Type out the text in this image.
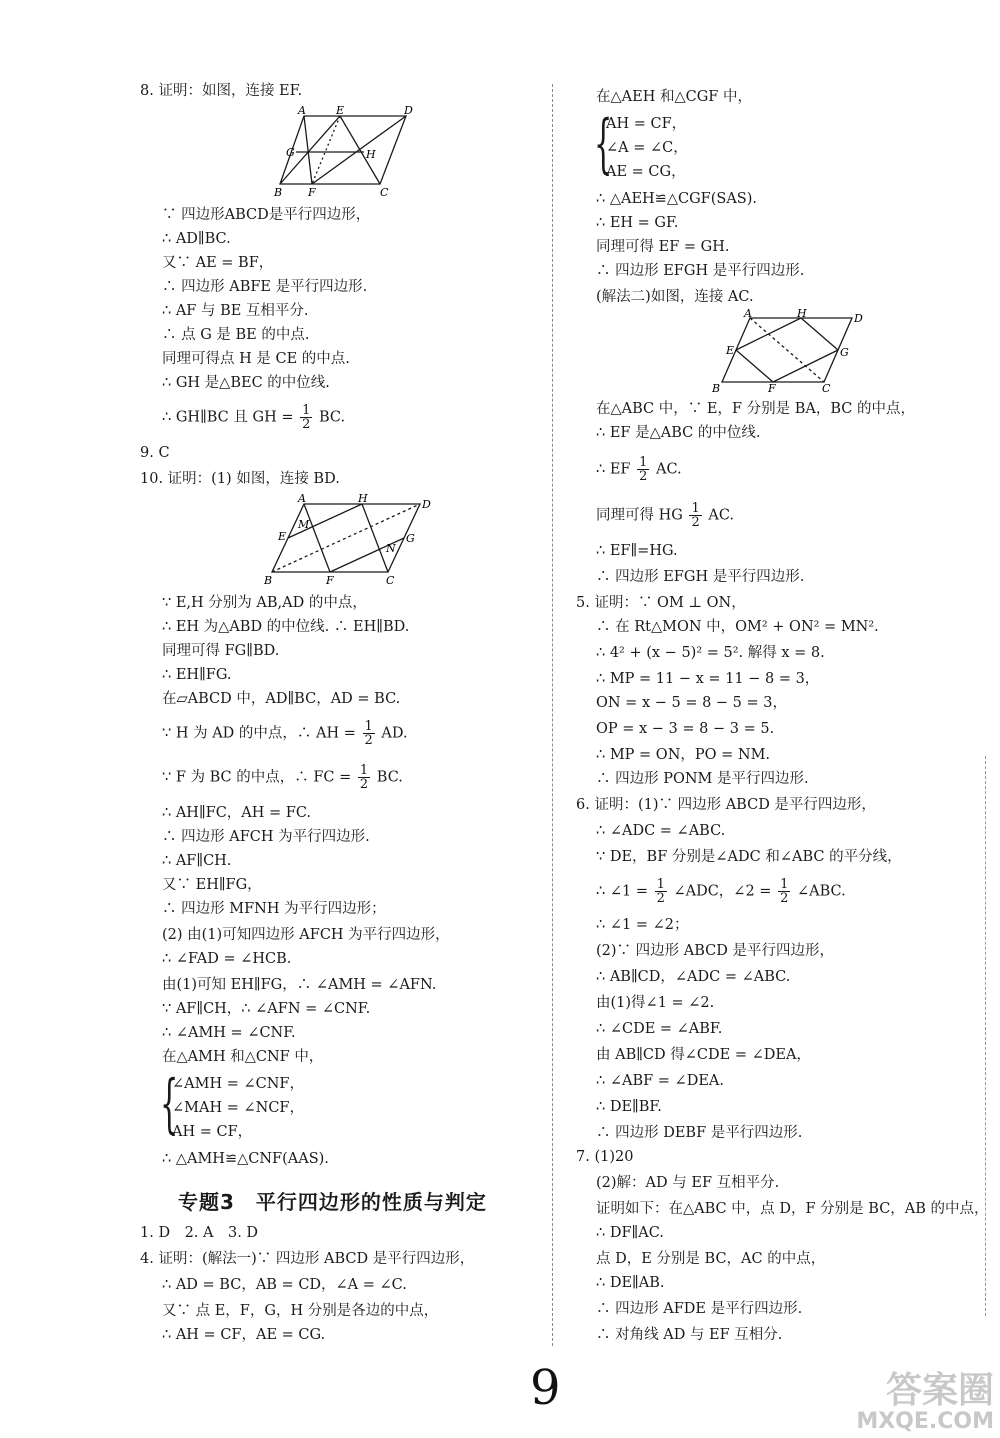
8. 证明：如图，连接 EF.
A	E	D
G	H
B F	C
∵ 四边形ABCD是平行四边形，
∴ AD∥BC.
又∵ AE = BF，
∴ 四边形 ABFE 是平行四边形.
∴ AF 与 BE 互相平分.
∴ 点 G 是 BE 的中点.
同理可得点 H 是 CE 的中点.
∴ GH 是△BEC 的中位线.
∴ GH∥BC 且 GH = $\frac{1}{2}$ BC.
9. C
10. 证明：(1) 如图，连接 BD.
A	H	D
M
E
N
G
B	F	C
∵ E,H 分别为 AB,AD 的中点，
∴ EH 为△ABD 的中位线. ∴ EH∥BD.
同理可得 FG∥BD.
∴ EH∥FG.
在▱ABCD 中，AD∥BC，AD = BC.
∵ H 为 AD 的中点，∴ AH = $\frac{1}{2}$ AD.
∵ F 为 BC 的中点，∴ FC = $\frac{1}{2}$ BC.
∴ AH∥FC，AH = FC.
∴ 四边形 AFCH 为平行四边形.
∴ AF∥CH.
又∵ EH∥FG，
∴ 四边形 MFNH 为平行四边形；
(2) 由(1)可知四边形 AFCH 为平行四边形，
∴ ∠FAD = ∠HCB.
由(1)可知 EH∥FG，∴ ∠AMH = ∠AFN.
∵ AF∥CH，∴ ∠AFN = ∠CNF.
∴ ∠AMH = ∠CNF.
在△AMH 和△CNF 中，
{
∠AMH = ∠CNF，
∠MAH = ∠NCF，
AH = CF，
∴ △AMH≌△CNF(AAS).
专题3　平行四边形的性质与判定
1. D　2. A　3. D
4. 证明：(解法一)∵ 四边形 ABCD 是平行四边形，
∴ AD = BC，AB = CD，∠A = ∠C.
又∵ 点 E，F，G，H 分别是各边的中点，
∴ AH = CF，AE = CG.
在△AEH 和△CGF 中，
{
AH = CF，
∠A = ∠C，
AE = CG，
∴ △AEH≌△CGF(SAS).
∴ EH = GF.
同理可得 EF = GH.
∴ 四边形 EFGH 是平行四边形.
(解法二)如图，连接 AC.
A	H	D
E	G
B	F	C
在△ABC 中，∵ E，F 分别是 BA，BC 的中点，
∴ EF 是△ABC 的中位线.
∴ EF $\frac{1}{2}$ AC.
同理可得 HG $\frac{1}{2}$ AC.
∴ EF∥=HG.
∴ 四边形 EFGH 是平行四边形.
5. 证明：∵ OM ⊥ ON，
∴ 在 Rt△MON 中，OM² + ON² = MN².
∴ 4² + (x − 5)² = 5². 解得 x = 8.
∴ MP = 11 − x = 11 − 8 = 3，
ON = x − 5 = 8 − 5 = 3，
OP = x − 3 = 8 − 3 = 5.
∴ MP = ON，PO = NM.
∴ 四边形 PONM 是平行四边形.
6. 证明：(1)∵ 四边形 ABCD 是平行四边形，
∴ ∠ADC = ∠ABC.
∵ DE，BF 分别是∠ADC 和∠ABC 的平分线，
∴ ∠1 = $\frac{1}{2}$ ∠ADC，∠2 = $\frac{1}{2}$ ∠ABC.
∴ ∠1 = ∠2；
(2)∵ 四边形 ABCD 是平行四边形，
∴ AB∥CD，∠ADC = ∠ABC.
由(1)得∠1 = ∠2.
∴ ∠CDE = ∠ABF.
由 AB∥CD 得∠CDE = ∠DEA，
∴ ∠ABF = ∠DEA.
∴ DE∥BF.
∴ 四边形 DEBF 是平行四边形.
7. (1)20
(2)解：AD 与 EF 互相平分.
证明如下：在△ABC 中，点 D，F 分别是 BC，AB 的中点，
∴ DF∥AC.
点 D，E 分别是 BC，AC 的中点，
∴ DE∥AB.
∴ 四边形 AFDE 是平行四边形.
∴ 对角线 AD 与 EF 互相分.
9	答案圈
MXQE.COM
